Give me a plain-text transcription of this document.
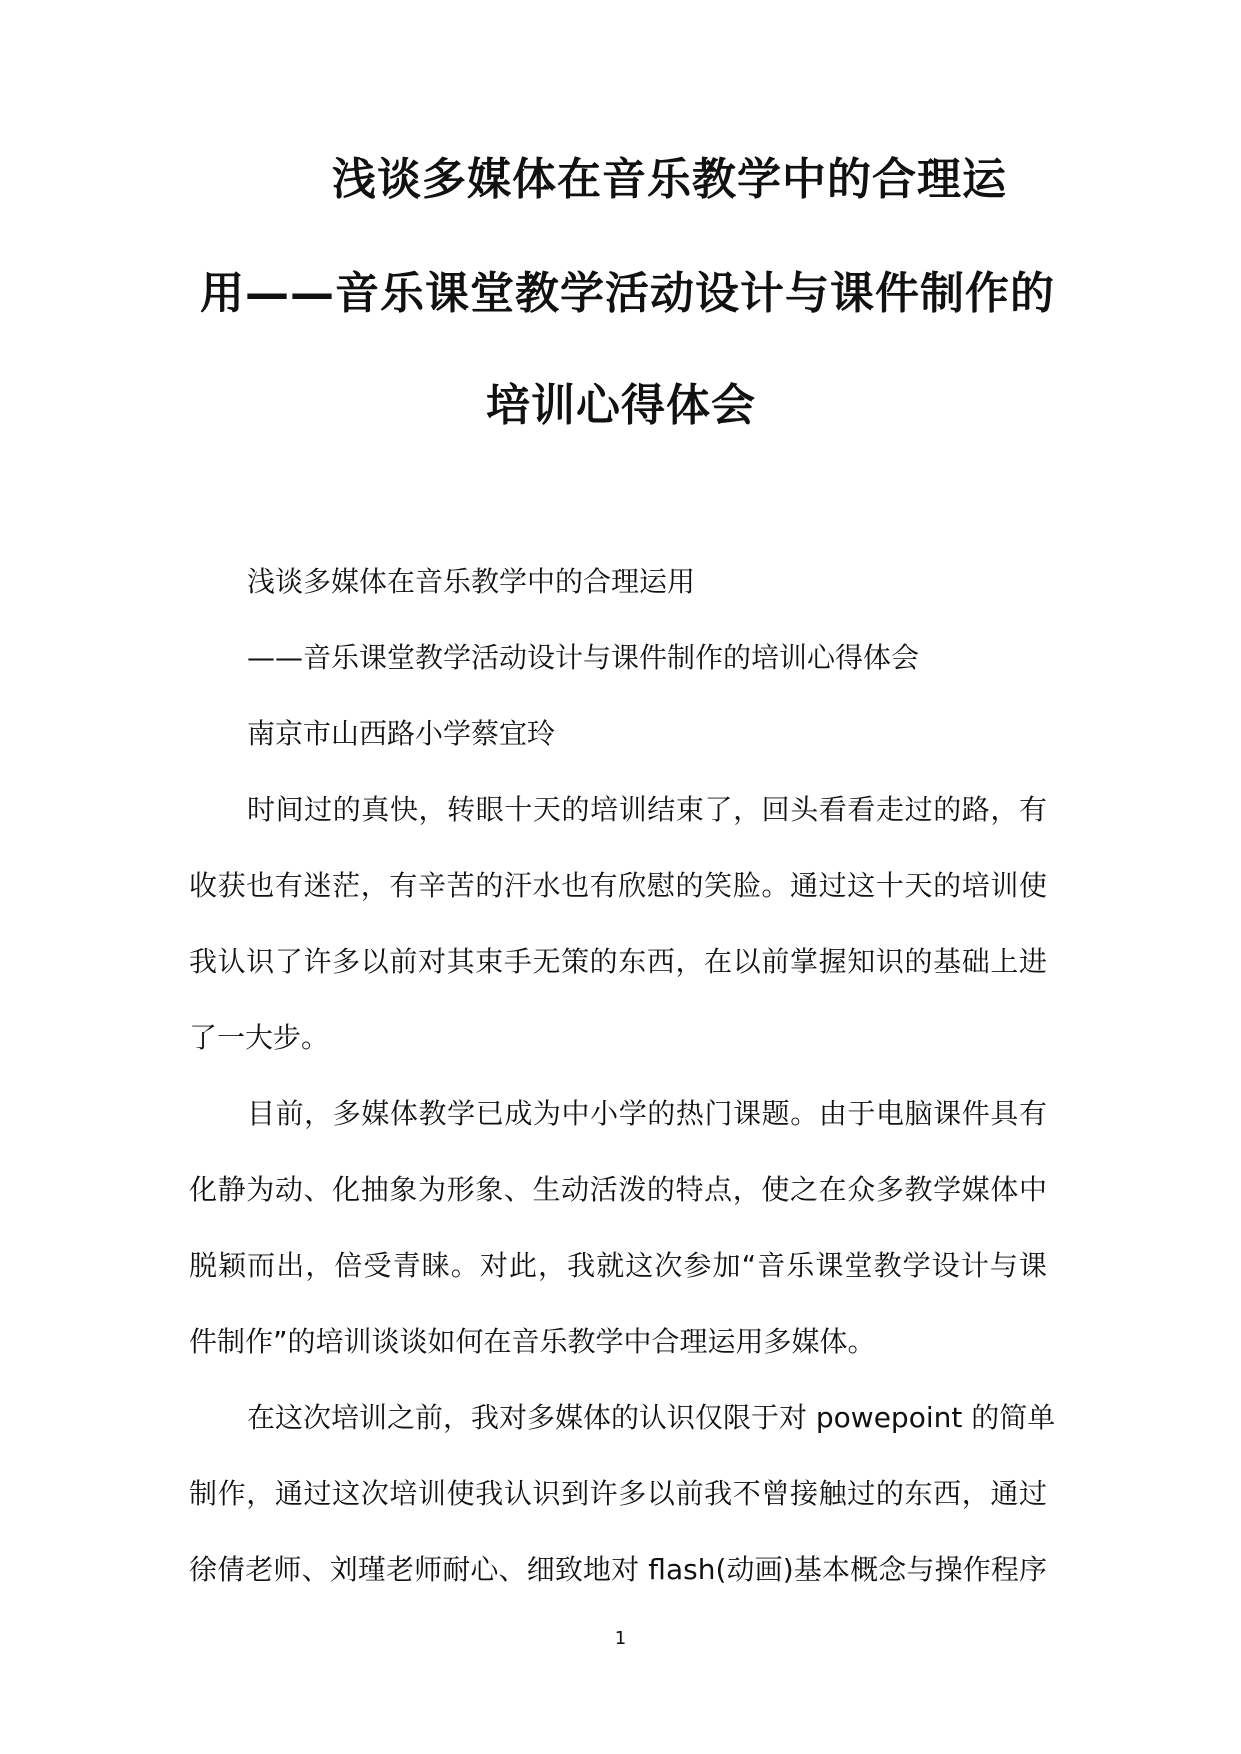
浅谈多媒体在音乐教学中的合理运
用——音乐课堂教学活动设计与课件制作的
培训心得体会
浅谈多媒体在音乐教学中的合理运用
——音乐课堂教学活动设计与课件制作的培训心得体会
南京市山西路小学蔡宜玲
时间过的真快，转眼十天的培训结束了，回头看看走过的路，有
收获也有迷茫，有辛苦的汗水也有欣慰的笑脸。通过这十天的培训使
我认识了许多以前对其束手无策的东西，在以前掌握知识的基础上进
了一大步。
目前，多媒体教学已成为中小学的热门课题。由于电脑课件具有
化静为动、化抽象为形象、生动活泼的特点，使之在众多教学媒体中
脱颖而出，倍受青睐。对此，我就这次参加“音乐课堂教学设计与课
件制作”的培训谈谈如何在音乐教学中合理运用多媒体。
在这次培训之前，我对多媒体的认识仅限于对 powepoint 的简单
制作，通过这次培训使我认识到许多以前我不曾接触过的东西，通过
徐倩老师、刘瑾老师耐心、细致地对 flash(动画)基本概念与操作程序
1
